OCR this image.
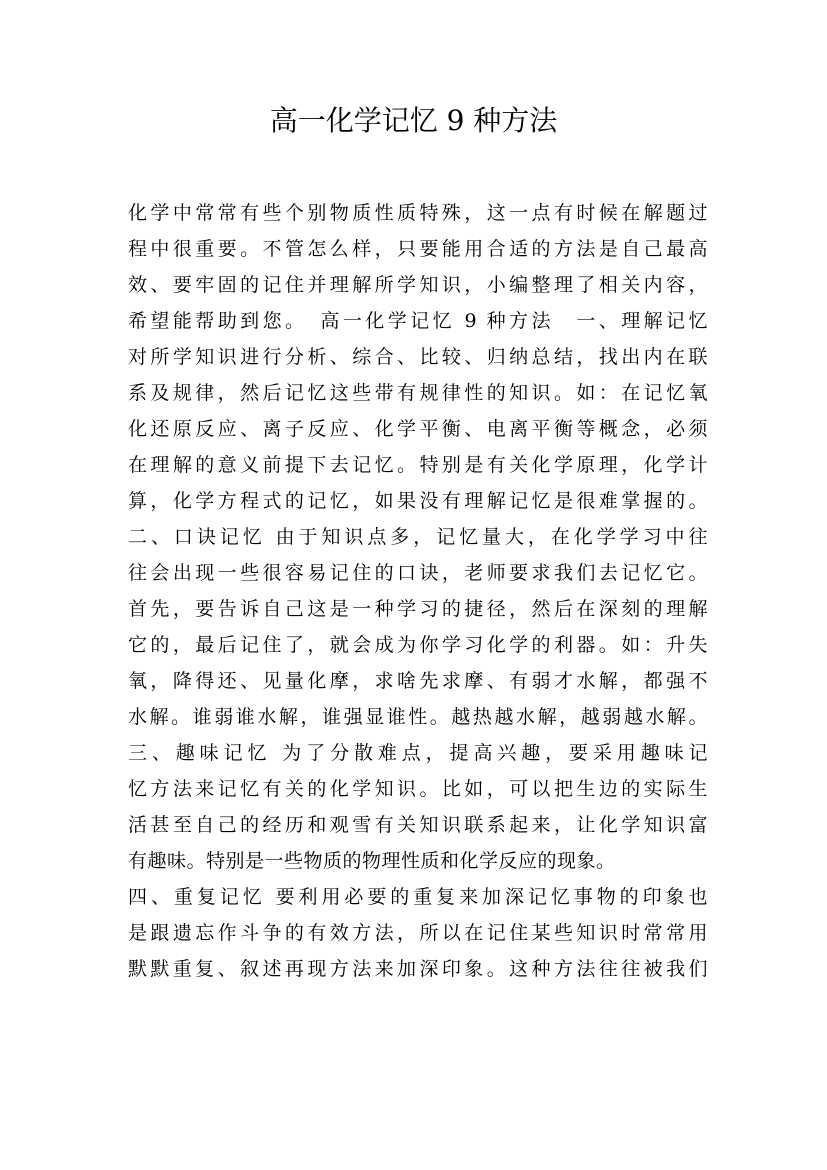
高一化学记忆 9 种方法
化学中常常有些个别物质性质特殊，这一点有时候在解题过
程中很重要。不管怎么样，只要能用合适的方法是自己最高
效、要牢固的记住并理解所学知识，小编整理了相关内容，
希望能帮助到您。　高一化学记忆 9 种方法　一、理解记忆
对所学知识进行分析、综合、比较、归纳总结，找出内在联
系及规律，然后记忆这些带有规律性的知识。如：在记忆氧
化还原反应、离子反应、化学平衡、电离平衡等概念，必须
在理解的意义前提下去记忆。特别是有关化学原理，化学计
算，化学方程式的记忆，如果没有理解记忆是很难掌握的。
二、口诀记忆 由于知识点多，记忆量大，在化学学习中往
往会出现一些很容易记住的口诀，老师要求我们去记忆它。
首先，要告诉自己这是一种学习的捷径，然后在深刻的理解
它的，最后记住了，就会成为你学习化学的利器。如：升失
氧，降得还、见量化摩，求啥先求摩、有弱才水解，都强不
水解。谁弱谁水解，谁强显谁性。越热越水解，越弱越水解。
三、趣味记忆 为了分散难点，提高兴趣，要采用趣味记
忆方法来记忆有关的化学知识。比如，可以把生边的实际生
活甚至自己的经历和观雪有关知识联系起来，让化学知识富
有趣味。特别是一些物质的物理性质和化学反应的现象。
四、重复记忆 要利用必要的重复来加深记忆事物的印象也
是跟遗忘作斗争的有效方法，所以在记住某些知识时常常用
默默重复、叙述再现方法来加深印象。这种方法往往被我们
